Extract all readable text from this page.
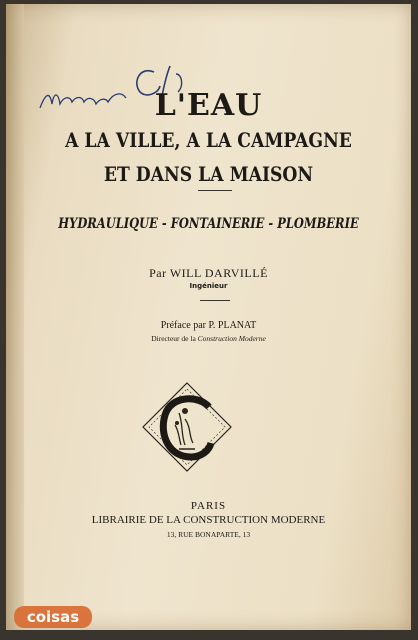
L'EAU
A LA VILLE, A LA CAMPAGNE
ET DANS LA MAISON
HYDRAULIQUE - FONTAINERIE - PLOMBERIE
Par WILL DARVILLÉ
Ingénieur
Préface par P. PLANAT
Directeur de la Construction Moderne
PARIS
LIBRAIRIE DE LA CONSTRUCTION MODERNE
13, RUE BONAPARTE, 13
coisas
